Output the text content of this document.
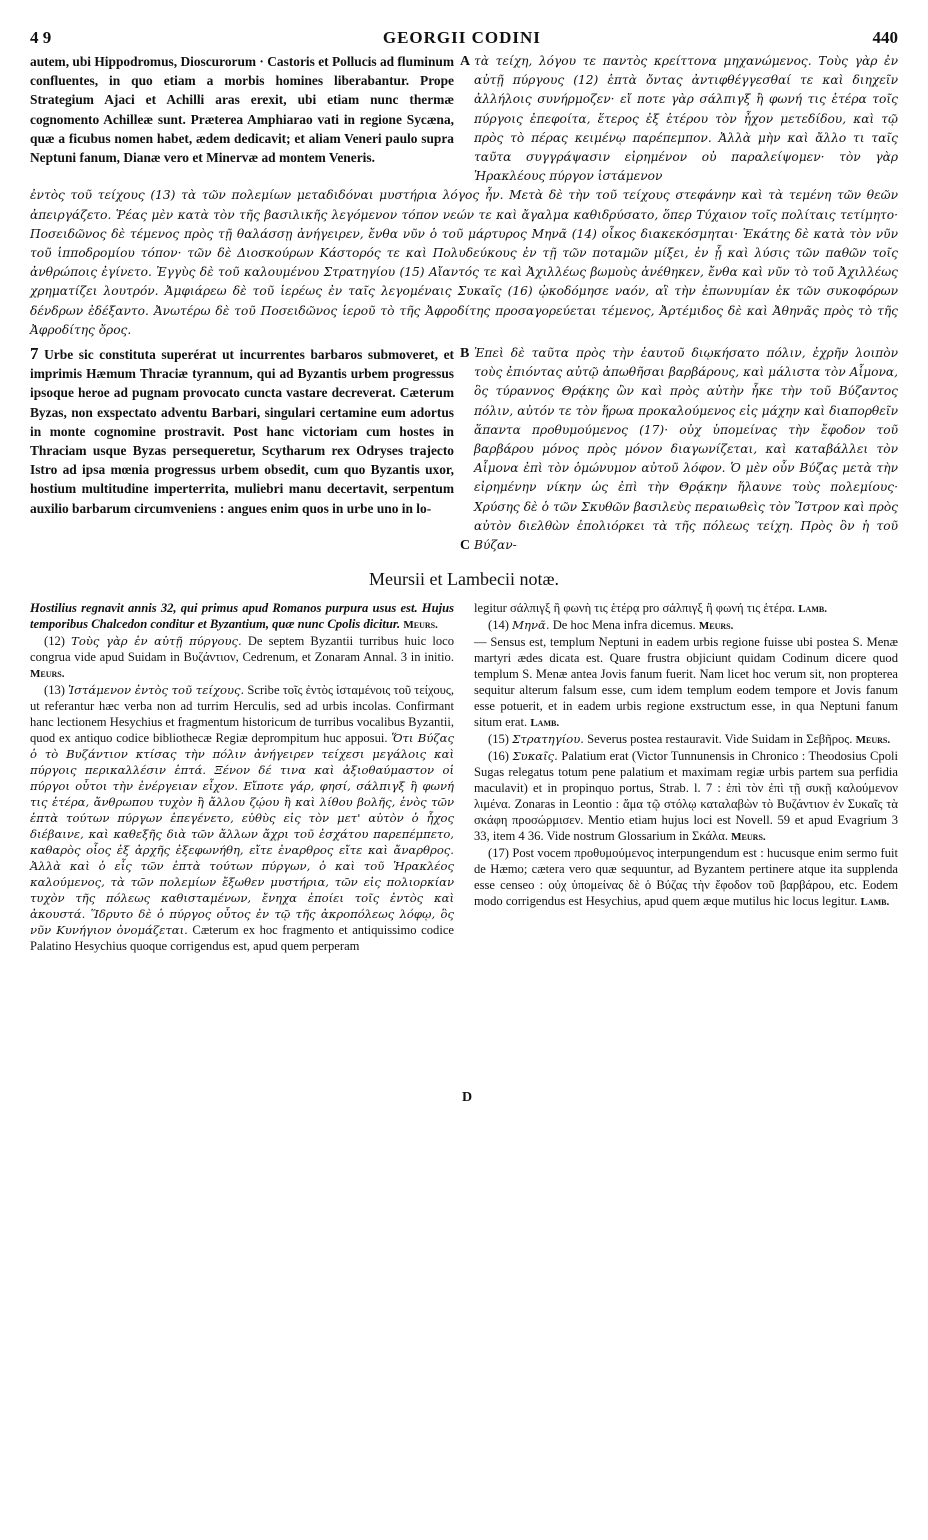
4 9	GEORGII CODINI	440

autem, ubi Hippodromus, Dioscurorum · Castoris et Pollucis ad fluminum confluentes, in quo etiam a morbis homines liberabantur. Prope Strategium Ajaci et Achilli aras erexit, ubi etiam nunc thermæ cognomento Achilleæ sunt. Præterea Amphiarao vati in regione Sycæna, quæ a ficubus nomen habet, ædem dedicavit; et aliam Veneri paulo supra Neptuni fanum, Dianæ vero et Minervæ ad montem Veneris.

A τὰ τείχη, λόγου τε παντὸς κρείττονα μηχανώμενος. Τοὺς γὰρ ἐν αὐτῇ πύργους (12) ἑπτὰ ὄντας ἀντιφθέγγεσθαί τε καὶ διηχεῖν ἀλλήλοις συνήρμοζεν· εἴ ποτε γὰρ σάλπιγξ ἢ φωνή τις ἑτέρα τοῖς πύργοις ἐπεφοίτα, ἕτερος ἐξ ἑτέρου τὸν ἦχον μετεδίδου, καὶ τῷ πρὸς τὸ πέρας κειμένῳ παρέπεμπον. Ἀλλὰ μὴν καὶ ἄλλο τι ταῖς ταῦτα συγγράψασιν εἰρημένον οὐ παραλείψομεν· τὸν γὰρ Ἡρακλέους πύργον ἱστάμενον

ἐντὸς τοῦ τείχους (13) τὰ τῶν πολεμίων μεταδιδόναι μυστήρια λόγος ἦν. Μετὰ δὲ τὴν τοῦ τείχους στεφάνην καὶ τὰ τεμένη τῶν θεῶν ἀπειργάζετο. Ῥέας μὲν κατὰ τὸν τῆς βασιλικῆς λεγόμενον τόπον νεών τε καὶ ἄγαλμα καθιδρύσατο, ὅπερ Τύχαιον τοῖς πολίταις τετίμητο· Ποσειδῶνος δὲ τέμενος πρὸς τῇ θαλάσσῃ ἀνήγειρεν, ἔνθα νῦν ὁ τοῦ μάρτυρος Μηνᾶ (14) οἶκος διακεκόσμηται· Ἑκάτης δὲ κατὰ τὸν νῦν τοῦ ἱπποδρομίου τόπον· τῶν δὲ Διοσκούρων Κάστορός τε καὶ Πολυδεύκους ἐν τῇ τῶν ποταμῶν μίξει, ἐν ᾗ καὶ λύσις τῶν παθῶν τοῖς ἀνθρώποις ἐγίνετο. Ἐγγὺς δὲ τοῦ καλουμένου Στρατηγίου (15) Αἴαντός τε καὶ Ἀχιλλέως βωμοὺς ἀνέθηκεν, ἔνθα καὶ νῦν τὸ τοῦ Ἀχιλλέως χρηματίζει λουτρόν. Ἀμφιάρεω δὲ τοῦ ἱερέως ἐν ταῖς λεγομέναις Συκαῖς (16) ᾠκοδόμησε ναόν, αἳ τὴν ἐπωνυμίαν ἐκ τῶν συκοφόρων δένδρων ἐδέξαντο. Ἀνωτέρω δὲ τοῦ Ποσειδῶνος ἱεροῦ τὸ τῆς Ἀφροδίτης προσαγορεύεται τέμενος, Ἀρτέμιδος δὲ καὶ Ἀθηνᾶς πρὸς τὸ τῆς Ἀφροδίτης ὄρος.

7 Urbe sic constituta superérat ut incurrentes barbaros submoveret, et imprimis Hæmum Thraciæ tyrannum, qui ad Byzantis urbem progressus ipsoque heroe ad pugnam provocato cuncta vastare decreverat. Cæterum Byzas, non exspectato adventu Barbari, singulari certamine eum adortus in monte cognomine prostravit. Post hanc victoriam cum hostes in Thraciam usque Byzas persequeretur, Scytharum rex Odryses trajecto Istro ad ipsa mœnia progressus urbem obsedit, cum quo Byzantis uxor, hostium multitudine imperterrita, muliebri manu decertavit, serpentum auxilio barbarum circumveniens : angues enim quos in urbe uno in lo-

B
C

Ἐπεὶ δὲ ταῦτα πρὸς τὴν ἑαυτοῦ διῳκήσατο πόλιν, ἐχρῆν λοιπὸν τοὺς ἐπιόντας αὐτῷ ἀπωθῆσαι βαρβάρους, καὶ μάλιστα τὸν Αἷμονα, ὃς τύραννος Θρᾴκης ὢν καὶ πρὸς αὐτὴν ἧκε τὴν τοῦ Βύζαντος πόλιν, αὐτόν τε τὸν ἥρωα προκαλούμενος εἰς μάχην καὶ διαπορθεῖν ἅπαντα προθυμούμενος (17)· οὐχ ὑπομείνας τὴν ἔφοδον τοῦ βαρβάρου μόνος πρὸς μόνον διαγωνίζεται, καὶ καταβάλλει τὸν Αἷμονα ἐπὶ τὸν ὁμώνυμον αὐτοῦ λόφον. Ὁ μὲν οὖν Βύζας μετὰ τὴν εἰρημένην νίκην ὡς ἐπὶ τὴν Θρᾴκην ἤλαυνε τοὺς πολεμίους· Χρύσης δὲ ὁ τῶν Σκυθῶν βασιλεὺς περαιωθεὶς τὸν Ἴστρον καὶ πρὸς αὐτὸν διελθὼν ἐπολιόρκει τὰ τῆς πόλεως τείχη. Πρὸς ὃν ἡ τοῦ Βύζαν-

Meursii et Lambecii notæ.
D

Hostilius regnavit annis 32, qui primus apud Romanos purpura usus est. Hujus temporibus Chalcedon conditur et Byzantium, quæ nunc Cpolis dicitur. Meurs.

(12) Τοὺς γὰρ ἐν αὐτῇ πύργους. De septem Byzantii turribus huic loco congrua vide apud Suidam in Βυζάντιον, Cedrenum, et Zonaram Annal. 3 in initio. Meurs.

(13) Ἱστάμενον ἐντὸς τοῦ τείχους. Scribe τοῖς ἐντὸς ἱσταμένοις τοῦ τείχους, ut referantur hæc verba non ad turrim Herculis, sed ad urbis incolas. Confirmant hanc lectionem Hesychius et fragmentum historicum de turribus vocalibus Byzantii, quod ex antiquo codice bibliothecæ Regiæ deprompitum huc apposui. Ὅτι Βύζας ὁ τὸ Βυζάντιον κτίσας τὴν πόλιν ἀνήγειρεν τείχεσι μεγάλοις καὶ πύργοις περικαλλέσιν ἑπτά. Ξένον δέ τινα καὶ ἀξιοθαύμαστον οἱ πύργοι οὗτοι τὴν ἐνέργειαν εἶχον. Εἴποτε γάρ, φησί, σάλπιγξ ἢ φωνή τις ἑτέρα, ἄνθρωπου τυχὸν ἢ ἄλλου ζῴου ἢ καὶ λίθου βολῆς, ἑνὸς τῶν ἑπτὰ τούτων πύργων ἐπεγένετο, εὐθὺς εἰς τὸν μετ' αὐτὸν ὁ ἦχος διέβαινε, καὶ καθεξῆς διὰ τῶν ἄλλων ἄχρι τοῦ ἐσχάτου παρεπέμπετο, καθαρὸς οἷος ἐξ ἀρχῆς ἐξεφωνήθη, εἴτε ἐναρθρος εἴτε καὶ ἄναρθρος. Ἀλλὰ καὶ ὁ εἷς τῶν ἑπτὰ τούτων πύργων, ὁ καὶ τοῦ Ἡρακλέος καλούμενος, τὰ τῶν πολεμίων ἔξωθεν μυστήρια, τῶν εἰς πολιορκίαν τυχὸν τῆς πόλεως καθισταμένων, ἔνηχα ἐποίει τοῖς ἐντὸς καὶ ἀκουστά. Ἵδρυτο δὲ ὁ πύργος οὗτος ἐν τῷ τῆς ἀκροπόλεως λόφῳ, ὃς νῦν Κυνήγιον ὀνομάζεται. Cæterum ex hoc fragmento et antiquissimo codice Palatino Hesychius quoque corrigendus est, apud quem perperam

legitur σάλπιγξ ἢ φωνὴ τις ἑτέρᾳ pro σάλπιγξ ἢ φωνή τις ἑτέρα. Lamb.

(14) Μηνᾶ. De hoc Mena infra dicemus. Meurs.

— Sensus est, templum Neptuni in eadem urbis regione fuisse ubi postea S. Menæ martyri ædes dicata est. Quare frustra objiciunt quidam Codinum dicere quod templum S. Menæ antea Jovis fanum fuerit. Nam licet hoc verum sit, non propterea sequitur alterum falsum esse, cum idem templum eodem tempore et Jovis fanum esse potuerit, et in eadem urbis regione exstructum esse, in qua Neptuni fanum situm erat. Lamb.

(15) Στρατηγίου. Severus postea restauravit. Vide Suidam in Σεβῆρος. Meurs.

(16) Συκαῖς. Palatium erat (Victor Tunnunensis in Chronico : Theodosius Cpoli Sugas relegatus totum pene palatium et maximam regiæ urbis partem sua perfidia maculavit) et in propinquo portus, Strab. l. 7 : ἐπὶ τὸν ἐπὶ τῇ συκῇ καλούμενον λιμένα. Zonaras in Leontio : ἅμα τῷ στόλῳ καταλαβὼν τὸ Βυζάντιον ἐν Συκαῖς τὰ σκάφη προσώρμισεν. Mentio etiam hujus loci est Novell. 59 et apud Evagrium 3 33, item 4 36. Vide nostrum Glossarium in Σκάλα. Meurs.

(17) Post vocem προθυμούμενος interpungendum est : hucusque enim sermo fuit de Hæmo; cætera vero quæ sequuntur, ad Byzantem pertinere atque ita supplenda esse censeo : οὐχ ὑπομείνας δὲ ὁ Βύζας τὴν ἔφοδον τοῦ βαρβάρου, etc. Eodem modo corrigendus est Hesychius, apud quem æque mutilus hic locus legitur. Lamb.
